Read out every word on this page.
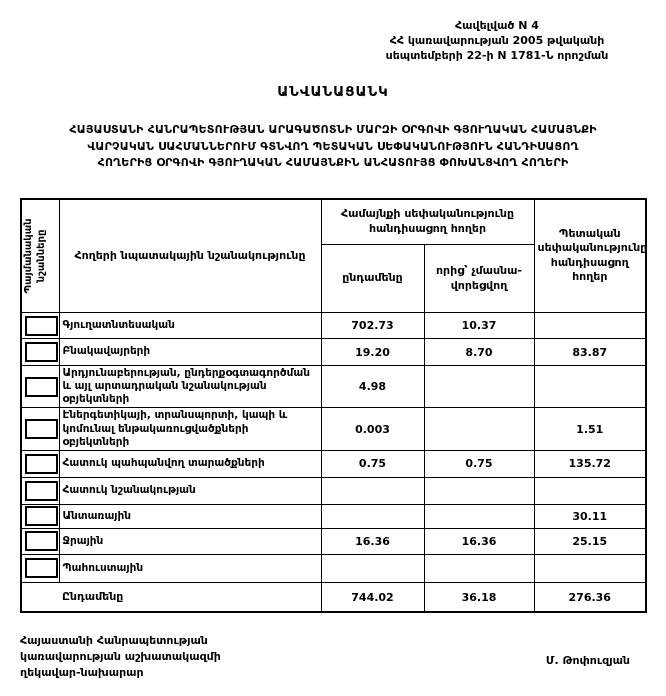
Հավելված N 4
ՀՀ կառավարության 2005 թվականի
սեպտեմբերի 22-ի N 1781-Ն որոշման
ԱՆՎԱՆԱՑԱՆԿ
ՀԱՅԱՍՏԱՆԻ ՀԱՆՐԱՊԵՏՈՒԹՅԱՆ ԱՐԱԳԱԾՈՏՆԻ ՄԱՐԶԻ ՕՐԳՈՎԻ ԳՅՈՒՂԱԿԱՆ ՀԱՄԱՅՆՔԻ
ՎԱՐՉԱԿԱՆ ՍԱՀՄԱՆՆԵՐՈՒՄ ԳՏՆՎՈՂ ՊԵՏԱԿԱՆ ՍԵՓԱԿԱՆՈՒԹՅՈՒՆ ՀԱՆԴԻՍԱՑՈՂ
ՀՈՂԵՐԻՑ ՕՐԳՈՎԻ ԳՅՈՒՂԱԿԱՆ ՀԱՄԱՅՆՔԻՆ ԱՆՀԱՏՈՒՅՑ ՓՈԽԱՆՑՎՈՂ ՀՈՂԵՐԻ
Պայմանական նշանները	Հողերի նպատակային նշանակությունը	Համայնքի սեփականությունը հանդիսացող հողեր		Պետական սեփականությունը հանդիսացող հողեր
		ընդամենը	որից՝ չմասնա-վորեցվող	

	Գյուղատնտեսական	702.73	10.37	

	Բնակավայրերի	19.20	8.70	83.87

	Արդյունաբերության, ընդերքօգտագործման և այլ արտադրական նշանակության օբյեկտների	4.98		

	Էներգետիկայի, տրանսպորտի, կապի և կոմունալ ենթակառուցվածքների օբյեկտների	0.003		1.51

	Հատուկ պահպանվող տարածքների	0.75	0.75	135.72

	Հատուկ նշանակության			

	Անտառային			30.11

	Ջրային	16.36	16.36	25.15

	Պահուստային			
Ընդամենը		744.02	36.18	276.36
Հայաստանի Հանրապետության
կառավարության աշխատակազմի
ղեկավար-նախարար
Մ. Թոփուզյան
